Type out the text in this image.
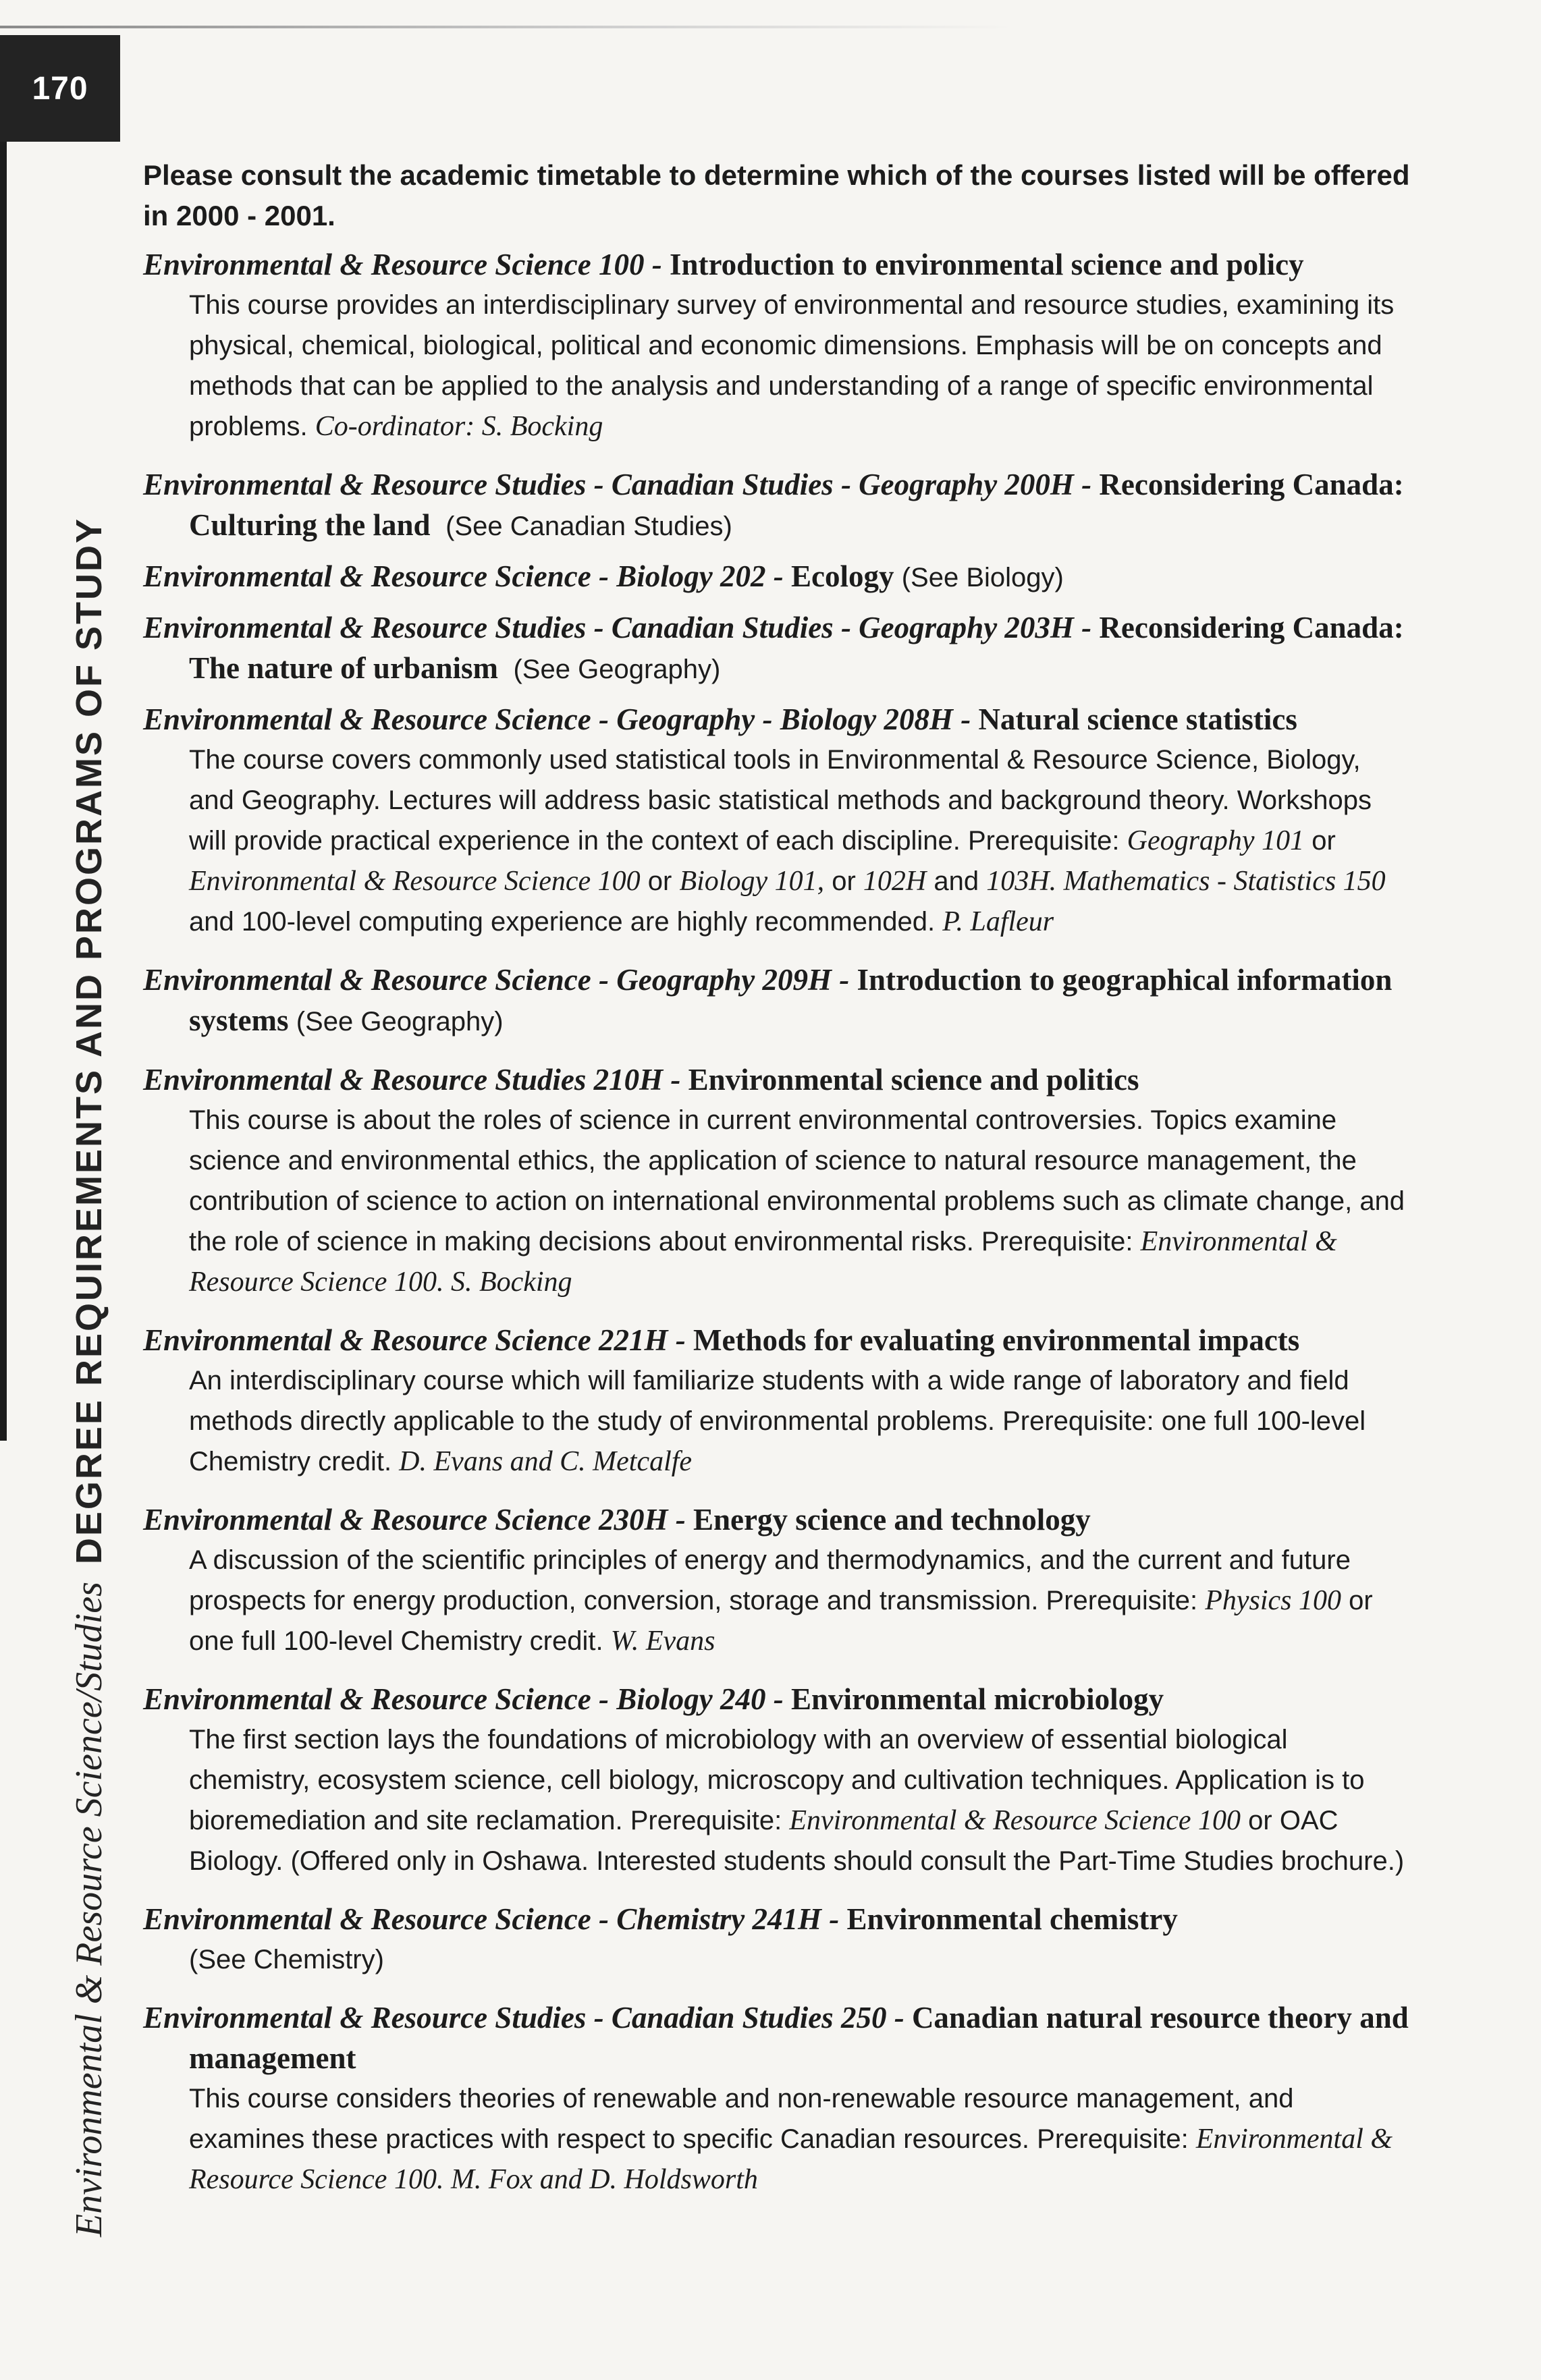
170
Environmental & Resource Science/Studies
DEGREE REQUIREMENTS AND PROGRAMS OF STUDY

Please consult the academic timetable to determine which of the courses listed will be offered in 2000 - 2001.

Environmental & Resource Science 100 - Introduction to environmental science and policy

This course provides an interdisciplinary survey of environmental and resource studies, examining its physical, chemical, biological, political and economic dimensions. Emphasis will be on concepts and methods that can be applied to the analysis and understanding of a range of specific environmental problems. Co-ordinator: S. Bocking

Environmental & Resource Studies - Canadian Studies - Geography 200H - Reconsidering Canada: Culturing the land (See Canadian Studies)

Environmental & Resource Science - Biology 202 - Ecology (See Biology)

Environmental & Resource Studies - Canadian Studies - Geography 203H - Reconsidering Canada: The nature of urbanism (See Geography)

Environmental & Resource Science - Geography - Biology 208H - Natural science statistics

The course covers commonly used statistical tools in Environmental & Resource Science, Biology, and Geography. Lectures will address basic statistical methods and background theory. Workshops will provide practical experience in the context of each discipline. Prerequisite: Geography 101 or Environmental & Resource Science 100 or Biology 101, or 102H and 103H. Mathematics - Statistics 150 and 100-level computing experience are highly recommended. P. Lafleur

Environmental & Resource Science - Geography 209H - Introduction to geographical information systems (See Geography)

Environmental & Resource Studies 210H - Environmental science and politics

This course is about the roles of science in current environmental controversies. Topics examine science and environmental ethics, the application of science to natural resource management, the contribution of science to action on international environmental problems such as climate change, and the role of science in making decisions about environmental risks. Prerequisite: Environmental & Resource Science 100. S. Bocking

Environmental & Resource Science 221H - Methods for evaluating environmental impacts

An interdisciplinary course which will familiarize students with a wide range of laboratory and field methods directly applicable to the study of environmental problems. Prerequisite: one full 100-level Chemistry credit. D. Evans and C. Metcalfe

Environmental & Resource Science 230H - Energy science and technology

A discussion of the scientific principles of energy and thermodynamics, and the current and future prospects for energy production, conversion, storage and transmission. Prerequisite: Physics 100 or one full 100-level Chemistry credit. W. Evans

Environmental & Resource Science - Biology 240 - Environmental microbiology

The first section lays the foundations of microbiology with an overview of essential biological chemistry, ecosystem science, cell biology, microscopy and cultivation techniques. Application is to bioremediation and site reclamation. Prerequisite: Environmental & Resource Science 100 or OAC Biology. (Offered only in Oshawa. Interested students should consult the Part-Time Studies brochure.)

Environmental & Resource Science - Chemistry 241H - Environmental chemistry

(See Chemistry)

Environmental & Resource Studies - Canadian Studies 250 - Canadian natural resource theory and management

This course considers theories of renewable and non-renewable resource management, and examines these practices with respect to specific Canadian resources. Prerequisite: Environmental & Resource Science 100. M. Fox and D. Holdsworth
